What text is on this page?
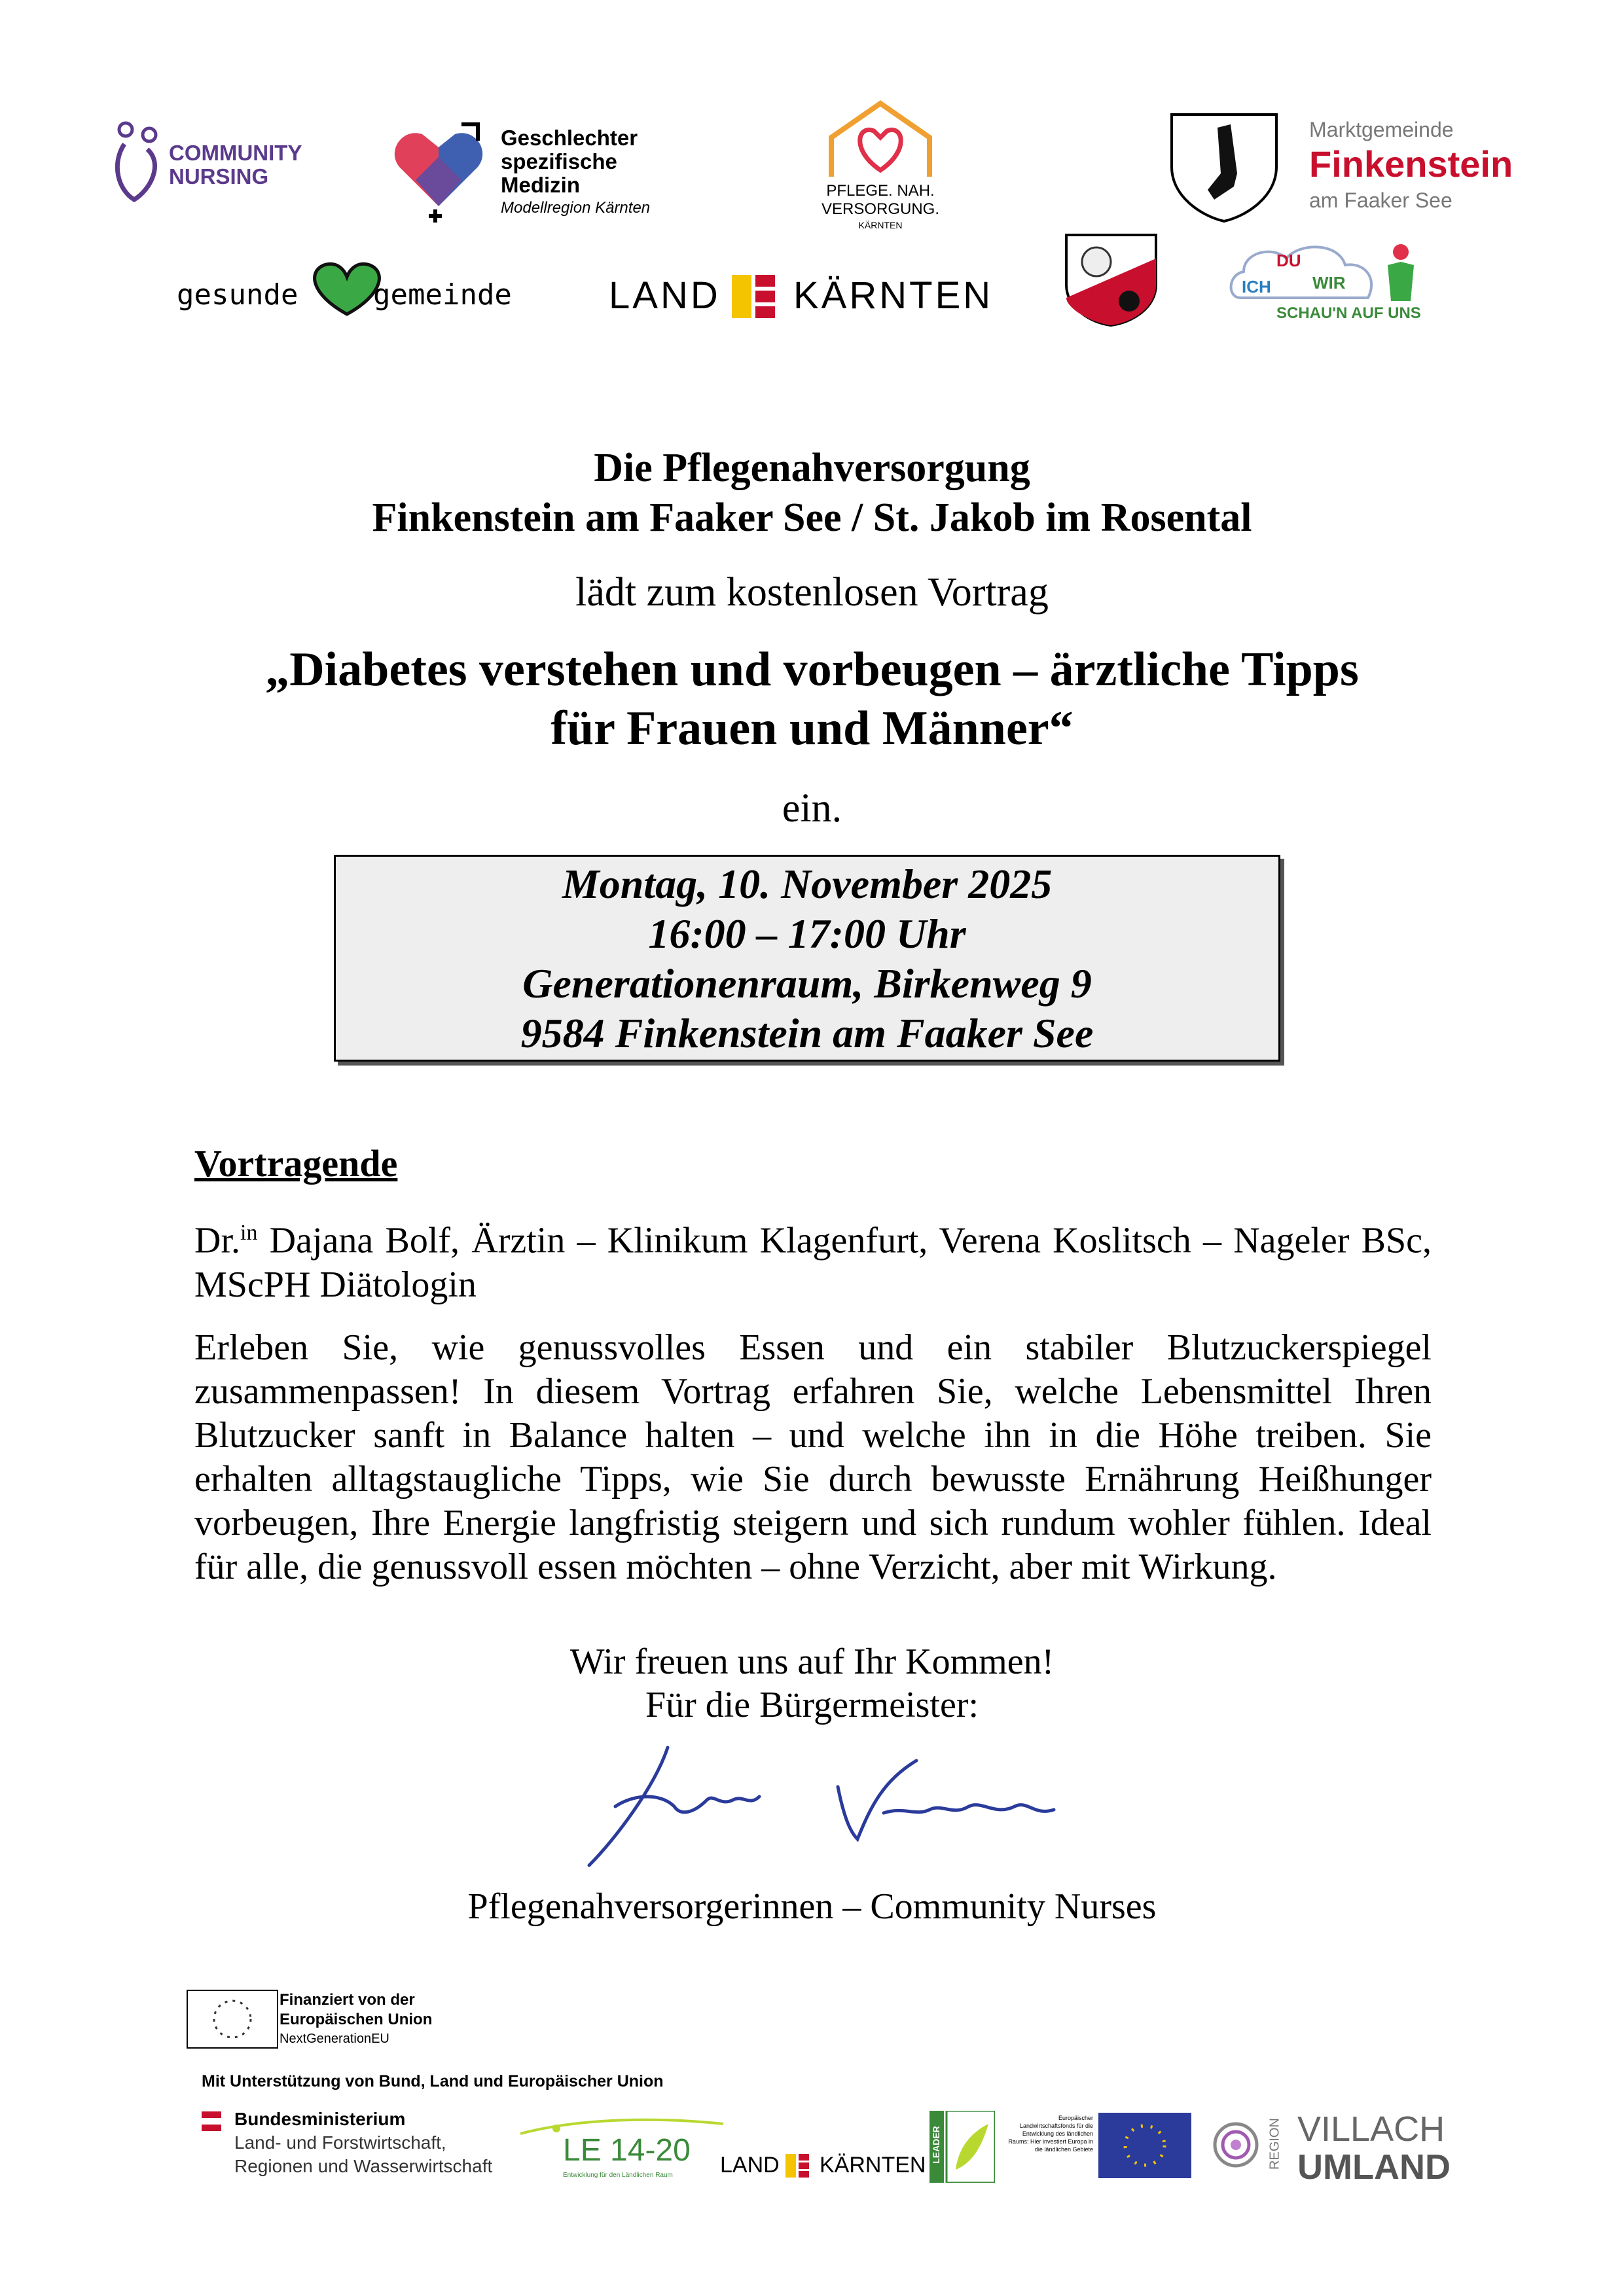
COMMUNITY
NURSING
Geschlechter
spezifische
Medizin
Modellregion Kärnten
PFLEGE. NAH.
VERSORGUNG.
KÄRNTEN
Marktgemeinde
Finkenstein
am Faaker See
gesunde	gemeinde	LAND KÄRNTEN
DU
ICH WIR
SCHAU'N AUF UNS
Die Pflegenahversorgung
Finkenstein am Faaker See / St. Jakob im Rosental
lädt zum kostenlosen Vortrag
„Diabetes verstehen und vorbeugen – ärztliche Tipps
für Frauen und Männer“
ein.
Montag, 10. November 2025
16:00 – 17:00 Uhr
Generationenraum, Birkenweg 9
9584 Finkenstein am Faaker See
Vortragende
Dr.$^{in}$ Dajana Bolf, Ärztin – Klinikum Klagenfurt, Verena Koslitsch – Nageler BSc, MScPH Diätologin
Erleben Sie, wie genussvolles Essen und ein stabiler Blutzuckerspiegel zusammenpassen! In diesem Vortrag erfahren Sie, welche Lebensmittel Ihren Blutzucker sanft in Balance halten – und welche ihn in die Höhe treiben. Sie erhalten alltagstaugliche Tipps, wie Sie durch bewusste Ernährung Heißhunger vorbeugen, Ihre Energie langfristig steigern und sich rundum wohler fühlen. Ideal für alle, die genussvoll essen möchten – ohne Verzicht, aber mit Wirkung.
Wir freuen uns auf Ihr Kommen!
Für die Bürgermeister:
Pflegenahversorgerinnen – Community Nurses
Finanziert von der
Europäischen Union
NextGenerationEU
Mit Unterstützung von Bund, Land und Europäischer Union
Bundesministerium
Land- und Forstwirtschaft,
Regionen und Wasserwirtschaft LE 14-20
Entwicklung für den Ländlichen Raum LAND KÄRNTEN
LEADER
Europäischer Landwirtschaftsfonds für die Entwicklung des ländlichen Raums: Hier investiert Europa in die ländlichen Gebiete	REGION VILLACH
UMLAND
